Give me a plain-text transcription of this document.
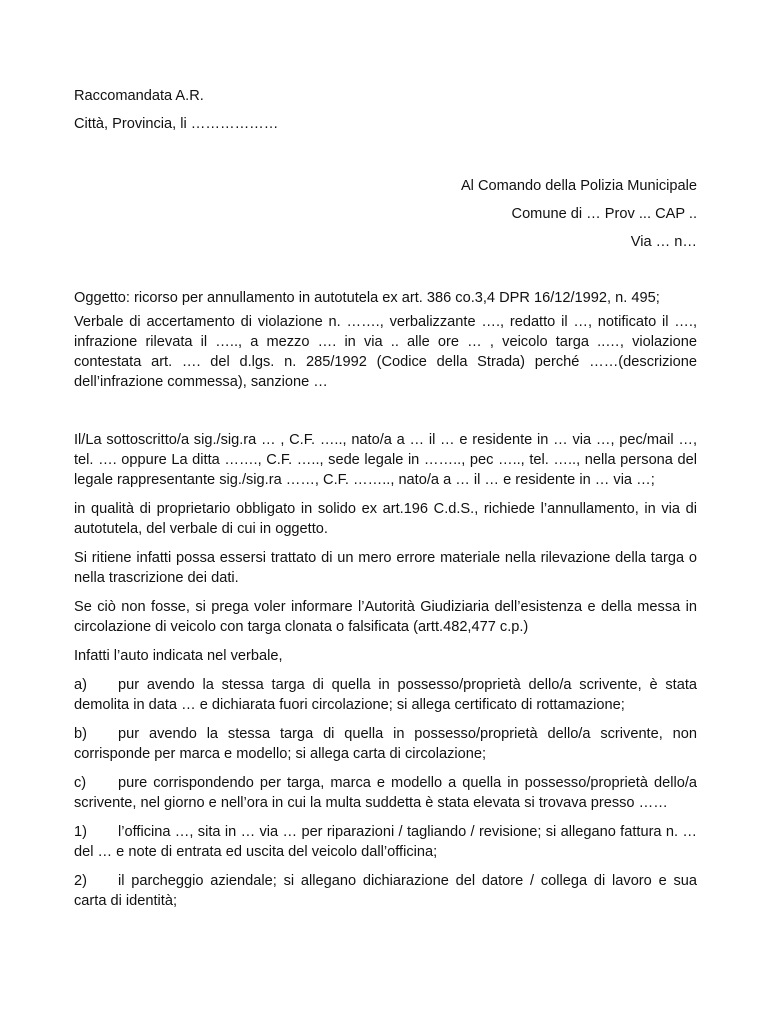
Raccomandata A.R.
Città, Provincia, li ………………
Al Comando della Polizia Municipale
Comune di … Prov ... CAP ..
Via … n…
Oggetto: ricorso per annullamento in autotutela ex art. 386 co.3,4 DPR 16/12/1992, n. 495;
Verbale di accertamento di violazione n. ……., verbalizzante …., redatto il …, notificato il …., infrazione rilevata il ….., a mezzo …. in via .. alle ore … , veicolo targa ..…, violazione contestata art. …. del d.lgs. n. 285/1992 (Codice della Strada) perché ……(descrizione dell’infrazione commessa), sanzione …
Il/La sottoscritto/a sig./sig.ra … , C.F. ….., nato/a a … il … e residente in … via …, pec/mail …, tel. …. oppure La ditta ……., C.F. ….., sede legale in …….., pec ….., tel. ….., nella persona del legale rappresentante sig./sig.ra ……, C.F. …….., nato/a a … il … e residente in … via …;
in qualità di proprietario obbligato in solido ex art.196 C.d.S., richiede l’annullamento, in via di autotutela, del verbale di cui in oggetto.
Si ritiene infatti possa essersi trattato di un mero errore materiale nella rilevazione della targa o nella trascrizione dei dati.
Se ciò non fosse, si prega voler informare l’Autorità Giudiziaria dell’esistenza e della messa in circolazione di veicolo con targa clonata o falsificata (artt.482,477 c.p.)
Infatti l’auto indicata nel verbale,
a) pur avendo la stessa targa di quella in possesso/proprietà dello/a scrivente, è stata demolita in data … e dichiarata fuori circolazione; si allega certificato di rottamazione;
b) pur avendo la stessa targa di quella in possesso/proprietà dello/a scrivente, non corrisponde per marca e modello; si allega carta di circolazione;
c) pure corrispondendo per targa, marca e modello a quella in possesso/proprietà dello/a scrivente, nel giorno e nell’ora in cui la multa suddetta è stata elevata si trovava presso ……
1) l’officina …, sita in … via … per riparazioni / tagliando / revisione; si allegano fattura n. … del … e note di entrata ed uscita del veicolo dall’officina;
2) il parcheggio aziendale; si allegano dichiarazione del datore / collega di lavoro e sua carta di identità;
